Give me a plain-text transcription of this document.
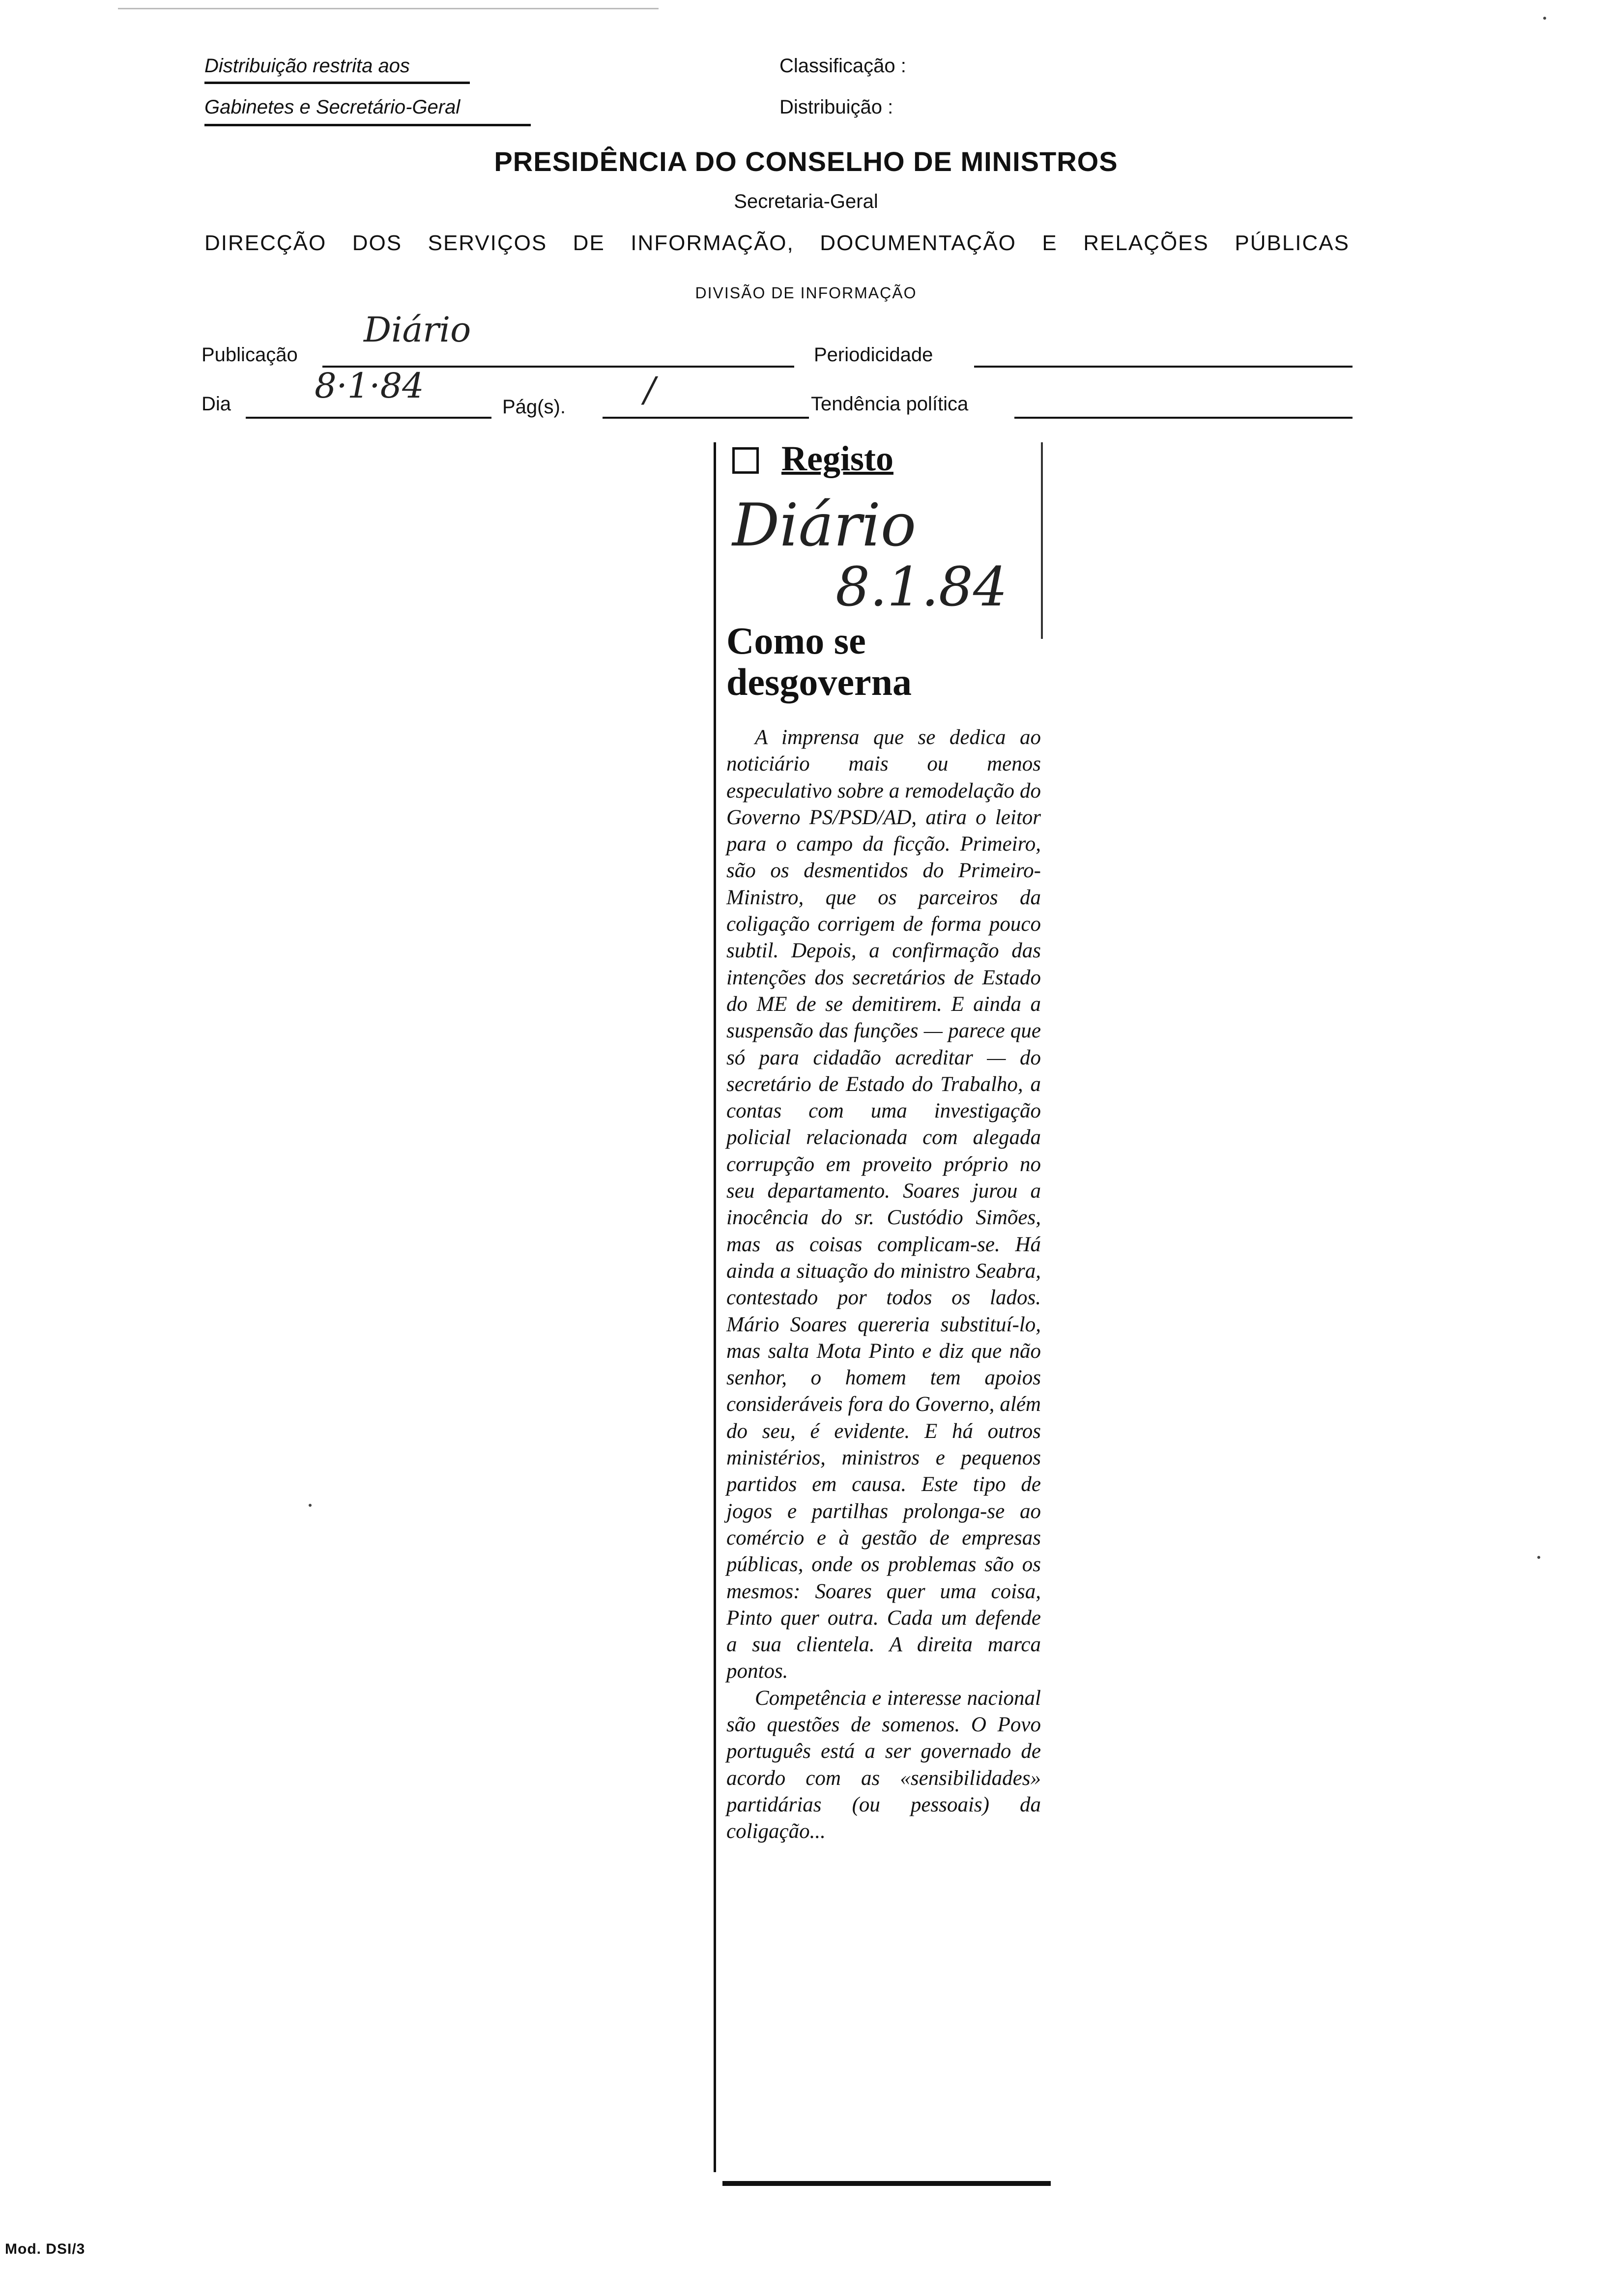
Distribuição restrita aos
Gabinetes e Secretário-Geral
Classificação :
Distribuição :
PRESIDÊNCIA DO CONSELHO DE MINISTROS
Secretaria-Geral
DIRECÇÃO DOS SERVIÇOS DE INFORMAÇÃO, DOCUMENTAÇÃO E RELAÇÕES PÚBLICAS
DIVISÃO DE INFORMAÇÃO
Publicação
Diário
Periodicidade
Dia 8·1·84
Pág(s). /	Tendência política
Registo
Diário
8.1.84
Como se desgoverna

A imprensa que se dedica ao noticiário mais ou menos especulativo sobre a remodelação do Governo PS/PSD/AD, atira o leitor para o campo da ficção. Primeiro, são os desmentidos do Primeiro-Ministro, que os parceiros da coligação corrigem de forma pouco subtil. Depois, a confirmação das intenções dos secretários de Estado do ME de se demitirem. E ainda a suspensão das funções — parece que só para cidadão acreditar — do secretário de Estado do Trabalho, a contas com uma investigação policial relacionada com alegada corrupção em proveito próprio no seu departamento. Soares jurou a inocência do sr. Custódio Simões, mas as coisas complicam-se. Há ainda a situação do ministro Seabra, contestado por todos os lados. Mário Soares quereria substituí-lo, mas salta Mota Pinto e diz que não senhor, o homem tem apoios consideráveis fora do Governo, além do seu, é evidente. E há outros ministérios, ministros e pequenos partidos em causa. Este tipo de jogos e partilhas prolonga-se ao comércio e à gestão de empresas públicas, onde os problemas são os mesmos: Soares quer uma coisa, Pinto quer outra. Cada um defende a sua clientela. A direita marca pontos.

Competência e interesse nacional são questões de somenos. O Povo português está a ser governado de acordo com as «sensibilidades» partidárias (ou pessoais) da coligação...

Mod. DSI/3
